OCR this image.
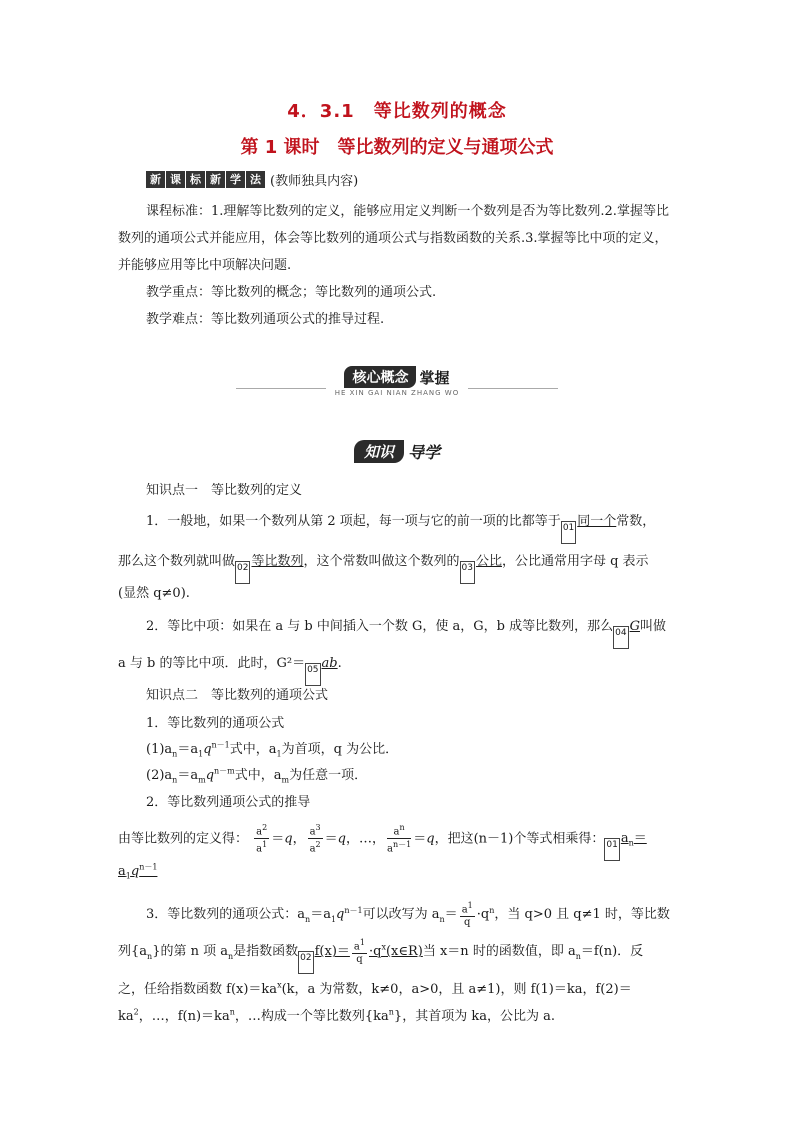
4．3.1　等比数列的概念
第 1 课时　等比数列的定义与通项公式
新 课 标 新 学 法 (教师独具内容)
课程标准：1.理解等比数列的定义，能够应用定义判断一个数列是否为等比数列.2.掌握等比数列的通项公式并能应用，体会等比数列的通项公式与指数函数的关系.3.掌握等比中项的定义，并能够应用等比中项解决问题.
教学重点：等比数列的概念；等比数列的通项公式.
教学难点：等比数列通项公式的推导过程.
核心概念 掌握
HE XIN GAI NIAN ZHANG WO
知识 导学
知识点一　等比数列的定义
1．一般地，如果一个数列从第 2 项起，每一项与它的前一项的比都等于 01 同一个常数，
那么这个数列就叫做 02 等比数列，这个常数叫做这个数列的 03 公比，公比通常用字母 q 表示
(显然 q≠0).
2．等比中项：如果在 a 与 b 中间插入一个数 G，使 a，G，b 成等比数列，那么 04 G叫做
a 与 b 的等比中项．此时，G²＝ 05 ab.
知识点二　等比数列的通项公式
1．等比数列的通项公式
$(1)a_n=a_1q^{n-1}$式中，$a_1$为首项，q 为公比．
$(2)a_n=a_mq^{n-m}$式中，$a_m$为任意一项．
2．等比数列通项公式的推导
由等比数列的定义得： $\frac{a^2}{a^1} =q$， $\frac{a^3}{a^2} =q$，…， $\frac{a^n}{a^{n-1}} =q$，把这(n－1)个等式相乘得： 01 $a_n=$
$a_1q^{n-1}$
3．等比数列的通项公式：$a_n=a_1q^{n-1}$可以改写为 $a_n= \frac{a^1}{q} \cdot q^n$，当 q>0 且 q≠1 时，等比数
列$\{a_n\}$的第 n 项 $a_n$是指数函数 02 $f(x)= \frac{a^1}{q}$ $\cdot q^x(x\in R)$当 x＝n 时的函数值，即 $a_n=f(n)$．反
之，任给指数函数 $f(x)=ka^x(k$，a 为常数，k≠0，a>0，且 a≠1)，则 f(1)＝ka，f(2)＝
$ka^2$，…，$f(n)=ka^n$，…构成一个等比数列$\{ka^n\}$，其首项为 ka，公比为 a.
